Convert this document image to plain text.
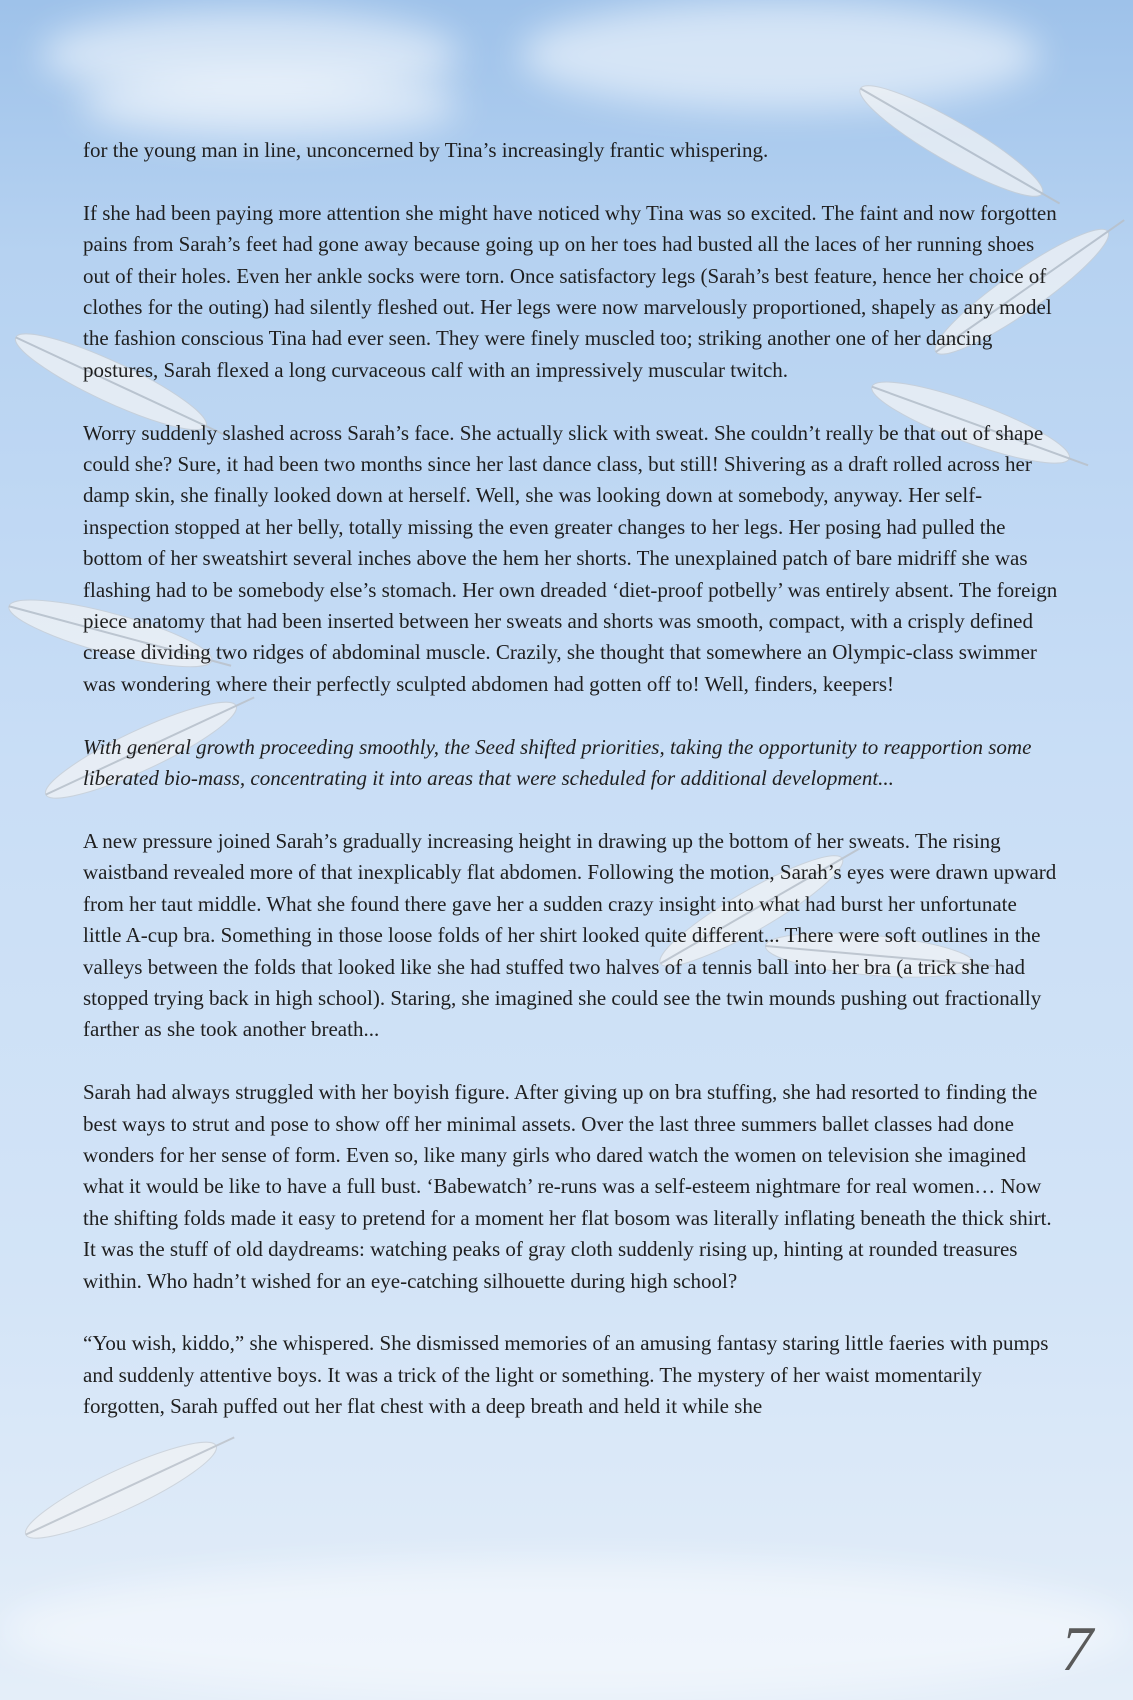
for the young man in line, unconcerned by Tina’s increasingly frantic whispering.

If she had been paying more attention she might have noticed why Tina was so excited. The faint and now forgotten pains from Sarah’s feet had gone away because going up on her toes had busted all the laces of her running shoes out of their holes. Even her ankle socks were torn. Once satisfactory legs (Sarah’s best feature, hence her choice of clothes for the outing) had silently fleshed out. Her legs were now marvelously proportioned, shapely as any model the fashion conscious Tina had ever seen. They were finely muscled too; striking another one of her dancing postures, Sarah flexed a long curvaceous calf with an impressively muscular twitch.

Worry suddenly slashed across Sarah’s face. She actually slick with sweat. She couldn’t really be that out of shape could she? Sure, it had been two months since her last dance class, but still! Shivering as a draft rolled across her damp skin, she finally looked down at herself. Well, she was looking down at somebody, anyway. Her self-inspection stopped at her belly, totally missing the even greater changes to her legs. Her posing had pulled the bottom of her sweatshirt several inches above the hem her shorts. The unexplained patch of bare midriff she was flashing had to be somebody else’s stomach. Her own dreaded ‘diet-proof potbelly’ was entirely absent. The foreign piece anatomy that had been inserted between her sweats and shorts was smooth, compact, with a crisply defined crease dividing two ridges of abdominal muscle. Crazily, she thought that somewhere an Olympic-class swimmer was wondering where their perfectly sculpted abdomen had gotten off to! Well, finders, keepers!

With general growth proceeding smoothly, the Seed shifted priorities, taking the opportunity to reapportion some liberated bio-mass, concentrating it into areas that were scheduled for additional development...

A new pressure joined Sarah’s gradually increasing height in drawing up the bottom of her sweats. The rising waistband revealed more of that inexplicably flat abdomen. Following the motion, Sarah’s eyes were drawn upward from her taut middle. What she found there gave her a sudden crazy insight into what had burst her unfortunate little A-cup bra. Something in those loose folds of her shirt looked quite different... There were soft outlines in the valleys between the folds that looked like she had stuffed two halves of a tennis ball into her bra (a trick she had stopped trying back in high school). Staring, she imagined she could see the twin mounds pushing out fractionally farther as she took another breath...

Sarah had always struggled with her boyish figure. After giving up on bra stuffing, she had resorted to finding the best ways to strut and pose to show off her minimal assets. Over the last three summers ballet classes had done wonders for her sense of form. Even so, like many girls who dared watch the women on television she imagined what it would be like to have a full bust. ‘Babewatch’ re-runs was a self-esteem nightmare for real women… Now the shifting folds made it easy to pretend for a moment her flat bosom was literally inflating beneath the thick shirt. It was the stuff of old daydreams: watching peaks of gray cloth suddenly rising up, hinting at rounded treasures within. Who hadn’t wished for an eye-catching silhouette during high school?

“You wish, kiddo,” she whispered. She dismissed memories of an amusing fantasy staring little faeries with pumps and suddenly attentive boys. It was a trick of the light or something. The mystery of her waist momentarily forgotten, Sarah puffed out her flat chest with a deep breath and held it while she

7
